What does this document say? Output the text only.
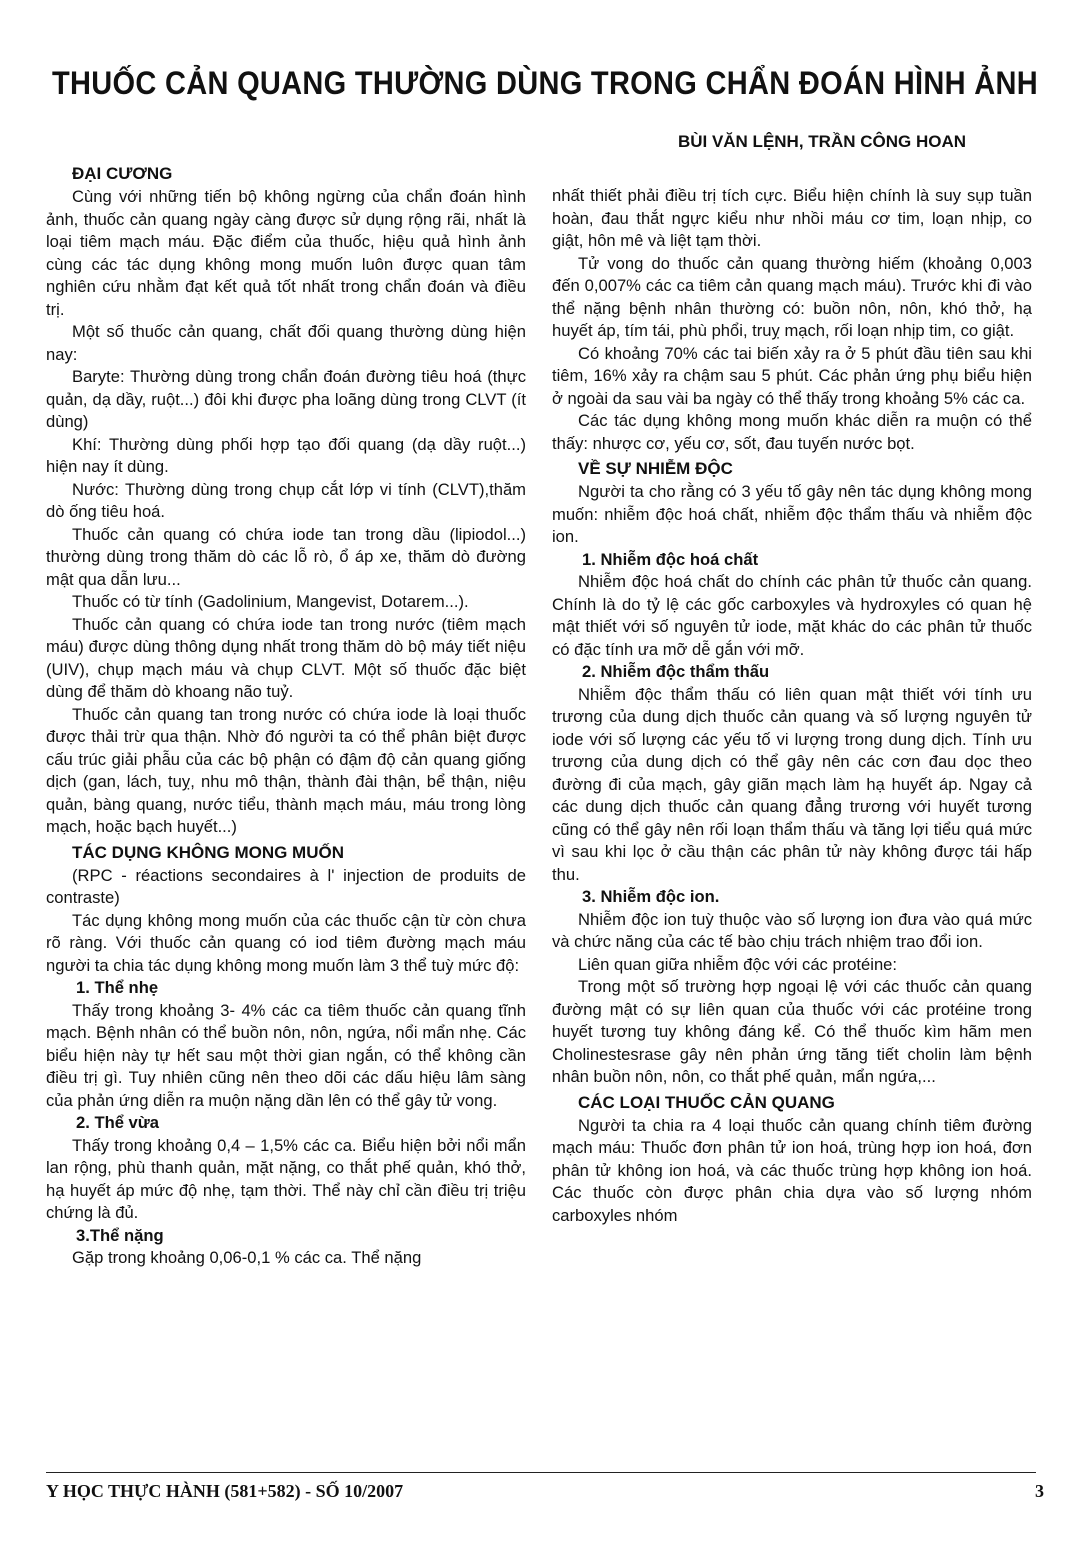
THUỐC CẢN QUANG THƯỜNG DÙNG TRONG CHẨN ĐOÁN HÌNH ẢNH
BÙI VĂN LỆNH, TRẦN CÔNG HOAN
ĐẠI CƯƠNG

Cùng với những tiến bộ không ngừng của chẩn đoán hình ảnh, thuốc cản quang ngày càng được sử dụng rộng rãi, nhất là loại tiêm mạch máu. Đặc điểm của thuốc, hiệu quả hình ảnh cùng các tác dụng không mong muốn luôn được quan tâm nghiên cứu nhằm đạt kết quả tốt nhất trong chẩn đoán và điều trị.

Một số thuốc cản quang, chất đối quang thường dùng hiện nay:

Baryte: Thường dùng trong chẩn đoán đường tiêu hoá (thực quản, dạ dầy, ruột...) đôi khi được pha loãng dùng trong CLVT (ít dùng)

Khí: Thường dùng phối hợp tạo đối quang (dạ dầy ruột...) hiện nay ít dùng.

Nước: Thường dùng trong chụp cắt lớp vi tính (CLVT),thăm dò ống tiêu hoá.

Thuốc cản quang có chứa iode tan trong dầu (lipiodol...) thường dùng trong thăm dò các lỗ rò, ổ áp xe, thăm dò đường mật qua dẫn lưu...

Thuốc có từ tính (Gadolinium, Mangevist, Dotarem...).

Thuốc cản quang có chứa iode tan trong nước (tiêm mạch máu) được dùng thông dụng nhất trong thăm dò bộ máy tiết niệu (UIV), chụp mạch máu và chụp CLVT. Một số thuốc đặc biệt dùng để thăm dò khoang não tuỷ.

Thuốc cản quang tan trong nước có chứa iode là loại thuốc được thải trừ qua thận. Nhờ đó người ta có thể phân biệt được cấu trúc giải phẫu của các bộ phận có đậm độ cản quang giống dịch (gan, lách, tuỵ, nhu mô thận, thành đài thận, bể thận, niệu quản, bàng quang, nước tiểu, thành mạch máu, máu trong lòng mạch, hoặc bạch huyết...)

TÁC DỤNG KHÔNG MONG MUỐN

(RPC - réactions secondaires à l' injection de produits de contraste)

Tác dụng không mong muốn của các thuốc cận từ còn chưa rõ ràng. Với thuốc cản quang có iod tiêm đường mạch máu người ta chia tác dụng không mong muốn làm 3 thể tuỳ mức độ:

1. Thể nhẹ

Thấy trong khoảng 3- 4% các ca tiêm thuốc cản quang tĩnh mạch. Bệnh nhân có thể buồn nôn, nôn, ngứa, nổi mẩn nhẹ. Các biểu hiện này tự hết sau một thời gian ngắn, có thể không cần điều trị gì. Tuy nhiên cũng nên theo dõi các dấu hiệu lâm sàng của phản ứng diễn ra muộn nặng dần lên có thể gây tử vong.

2. Thể vừa

Thấy trong khoảng 0,4 – 1,5% các ca. Biểu hiện bởi nổi mẩn lan rộng, phù thanh quản, mặt nặng, co thắt phế quản, khó thở, hạ huyết áp mức độ nhẹ, tạm thời. Thể này chỉ cần điều trị triệu chứng là đủ.

3.Thể nặng

Gặp trong khoảng 0,06-0,1 % các ca. Thể nặng

nhất thiết phải điều trị tích cực. Biểu hiện chính là suy sụp tuần hoàn, đau thắt ngực kiểu như nhồi máu cơ tim, loạn nhịp, co giật, hôn mê và liệt tạm thời.

Tử vong do thuốc cản quang thường hiếm (khoảng 0,003 đến 0,007% các ca tiêm cản quang mạch máu). Trước khi đi vào thể nặng bệnh nhân thường có: buồn nôn, nôn, khó thở, hạ huyết áp, tím tái, phù phổi, truỵ mạch, rối loạn nhịp tim, co giật.

Có khoảng 70% các tai biến xảy ra ở 5 phút đầu tiên sau khi tiêm, 16% xảy ra chậm sau 5 phút. Các phản ứng phụ biểu hiện ở ngoài da sau vài ba ngày có thể thấy trong khoảng 5% các ca.

Các tác dụng không mong muốn khác diễn ra muộn có thể thấy: nhược cơ, yếu cơ, sốt, đau tuyến nước bọt.

VỀ SỰ NHIỄM ĐỘC

Người ta cho rằng có 3 yếu tố gây nên tác dụng không mong muốn: nhiễm độc hoá chất, nhiễm độc thẩm thấu và nhiễm độc ion.

1. Nhiễm độc hoá chất

Nhiễm độc hoá chất do chính các phân tử thuốc cản quang. Chính là do tỷ lệ các gốc carboxyles và hydroxyles có quan hệ mật thiết với số nguyên tử iode, mặt khác do các phân tử thuốc có đặc tính ưa mỡ dễ gắn với mỡ.

2. Nhiễm độc thẩm thấu

Nhiễm độc thẩm thấu có liên quan mật thiết với tính ưu trương của dung dịch thuốc cản quang và số lượng nguyên tử iode với số lượng các yếu tố vi lượng trong dung dịch. Tính ưu trương của dung dịch có thể gây nên các cơn đau dọc theo đường đi của mạch, gây giãn mạch làm hạ huyết áp. Ngay cả các dung dịch thuốc cản quang đẳng trương với huyết tương cũng có thể gây nên rối loạn thẩm thấu và tăng lợi tiểu quá mức vì sau khi lọc ở cầu thận các phân tử này không được tái hấp thu.

3. Nhiễm độc ion.

Nhiễm độc ion tuỳ thuộc vào số lượng ion đưa vào quá mức và chức năng của các tế bào chịu trách nhiệm trao đổi ion.

Liên quan giữa nhiễm độc với các protéine:

Trong một số trường hợp ngoại lệ với các thuốc cản quang đường mật có sự liên quan của thuốc với các protéine trong huyết tương tuy không đáng kể. Có thể thuốc kìm hãm men Cholinestesrase gây nên phản ứng tăng tiết cholin làm bệnh nhân buồn nôn, nôn, co thắt phế quản, mẩn ngứa,...

CÁC LOẠI THUỐC CẢN QUANG

Người ta chia ra 4 loại thuốc cản quang chính tiêm đường mạch máu: Thuốc đơn phân tử ion hoá, trùng hợp ion hoá, đơn phân tử không ion hoá, và các thuốc trùng hợp không ion hoá. Các thuốc còn được phân chia dựa vào số lượng nhóm carboxyles nhóm

Y HỌC THỰC HÀNH (581+582) - SỐ 10/2007	3
